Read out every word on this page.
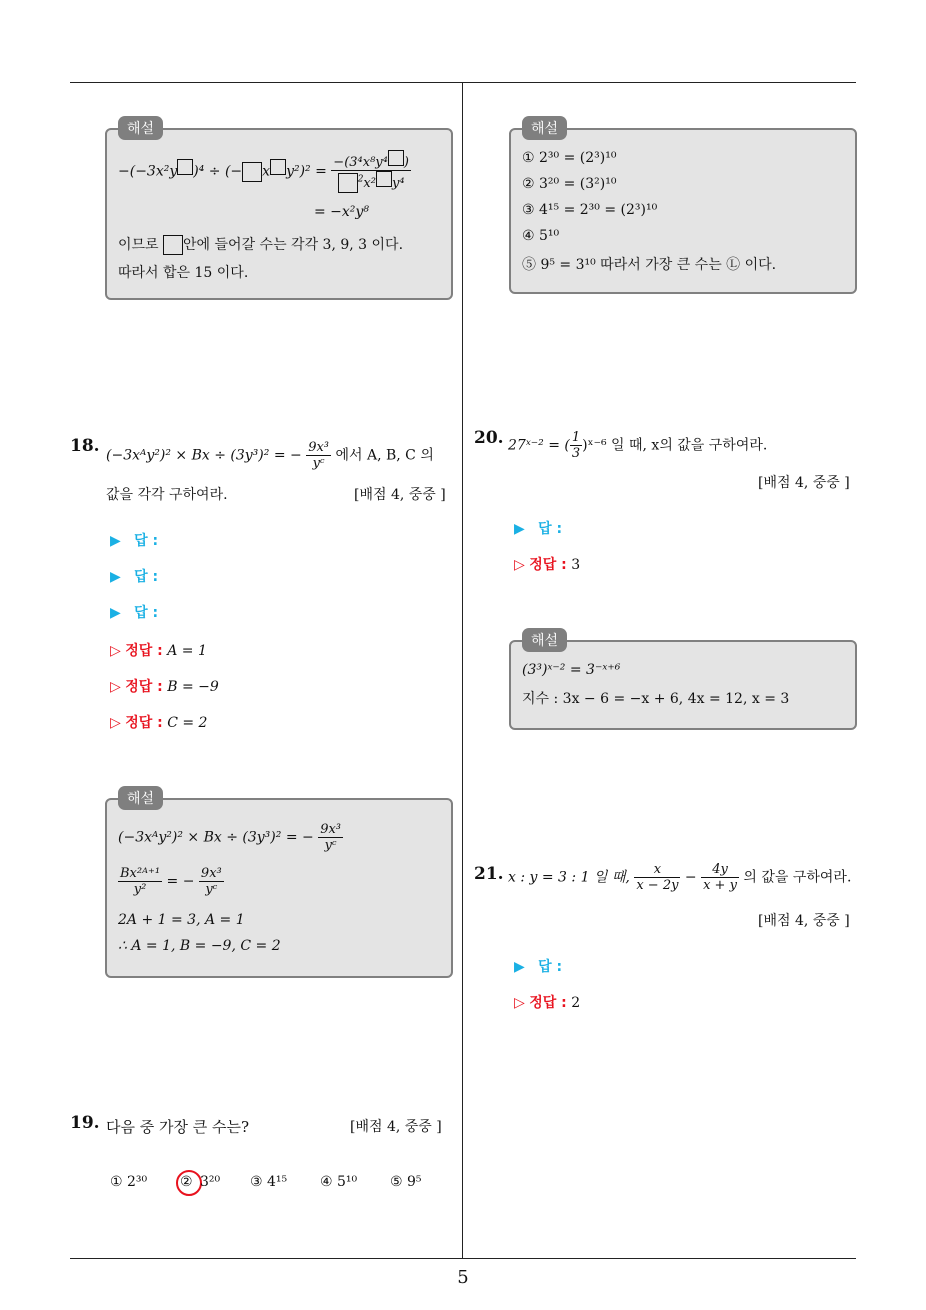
5
해설
−(−3x²y )⁴ ÷ (− x $y^2)^2 = \frac{\text{−(3⁴x⁸y⁴ )}}{^2x^2 y^4}$
= −x²y⁸
이므로 안에 들어갈 수는 각각 3, 9, 3 이다.
따라서 합은 15 이다.
해설
① 2³⁰ = (2³)¹⁰
② 3²⁰ = (3²)¹⁰
③ 4¹⁵ = 2³⁰ = (2³)¹⁰
④ 5¹⁰
⑤ 9⁵ = 3¹⁰ 따라서 가장 큰 수는 Ⓛ 이다.
18. (−3xᴬy²)² × Bx ÷ (3y³)² = − $\frac{\text{9x³}}{\text{yᶜ}}$ 에서 A, B, C 의
값을 각각 구하여라.	[배점 4, 중중 ]
▶ 답 :
▶ 답 :
▶ 답 :
▷ 정답 : A = 1
▷ 정답 : B = −9
▷ 정답 : C = 2
해설
(−3xᴬy²)² × Bx ÷ (3y³)² = − $\frac{\text{9x³}}{\text{yᶜ}}$
$\frac{\text{Bx²ᴬ⁺¹}}{\text{y²}}$ = − $\frac{\text{9x³}}{\text{yᶜ}}$
2A + 1 = 3, A = 1
∴ A = 1, B = −9, C = 2
19. 다음 중 가장 큰 수는?	[배점 4, 중중 ]
① 2³⁰ ② 3²⁰ ③ 4¹⁵ ④ 5¹⁰ ⑤ 9⁵
20. 27ˣ⁻² = ( $\frac{1}{3}$ )ˣ⁻⁶ 일 때, x의 값을 구하여라.
[배점 4, 중중 ]
▶ 답 :
▷ 정답 : 3
해설
(3³)ˣ⁻² = 3⁻ˣ⁺⁶
지수 : 3x − 6 = −x + 6, 4x = 12, x = 3
21. x : y = 3 : 1 일 때, $\frac{x}{x - 2y} - \frac{4y}{x + y}$ 의 값을 구하여라.
[배점 4, 중중 ]
▶ 답 :
▷ 정답 : 2
